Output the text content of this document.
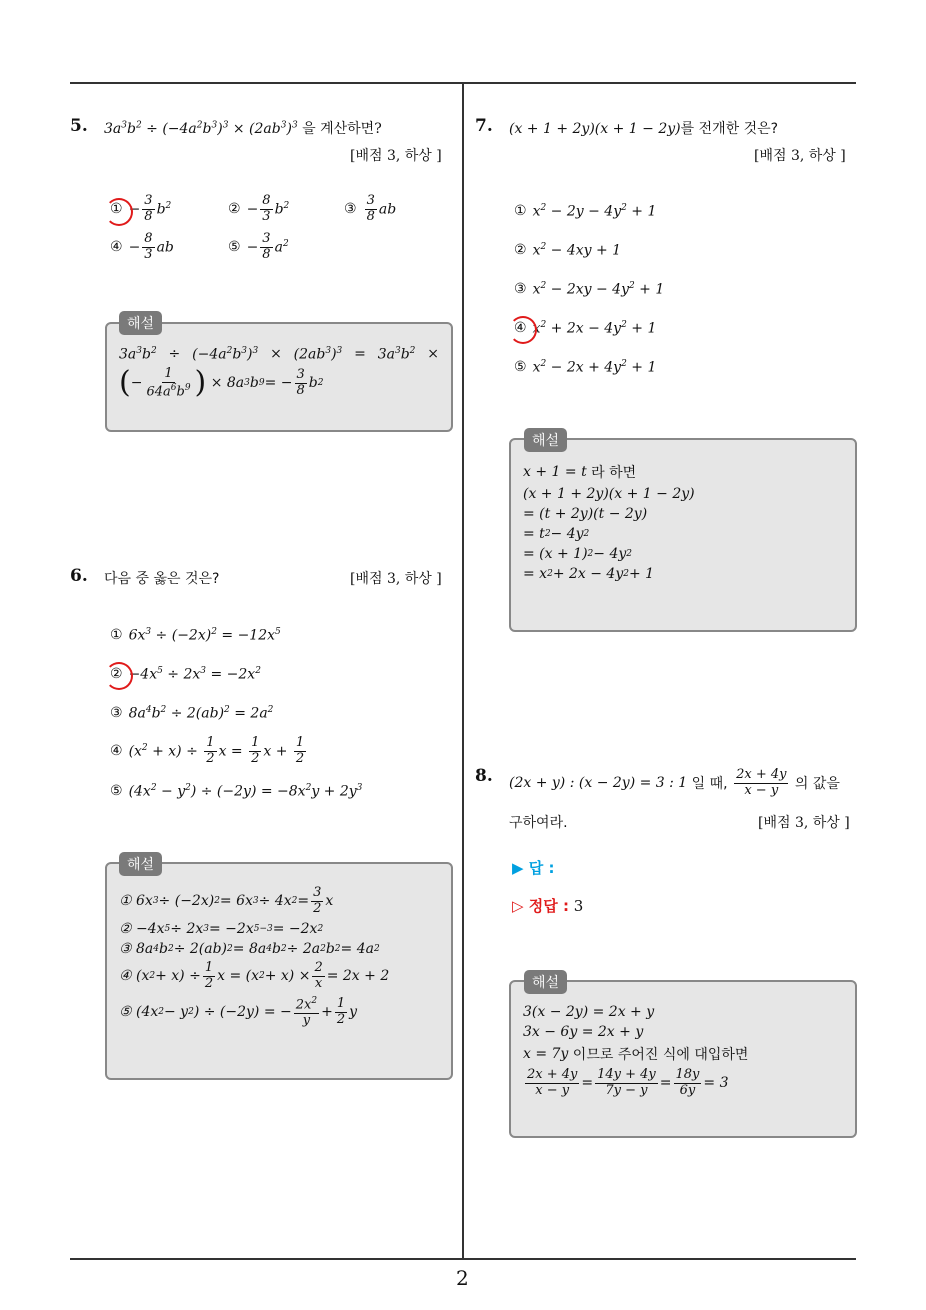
2
5. $3a^3b^2 \div (-4a^2b^3)^3 \times (2ab^3)^3$ 을 계산하면?
[배점 3, 하상 ]
① − $\frac{3}{8} b^2$	② − $\frac{8}{3} b^2$	③ $\frac{3}{8}$ ab
④ − $\frac{8}{3}$ ab	⑤ − $\frac{3}{8} a^2$
$3a^3b^2 \div (-4a^2b^3)^3 \times (2ab^3)^3 = 3a^3b^2$ ×
( − $\frac{1}{64a^6b^9}$ ) × 8a 3 b 9 = − $\frac{3}{8}$ b 2
해설
6. 다음 중 옳은 것은?	[배점 3, 하상 ]
① $6x^3 \div (-2x)^2 = -12x^5$
② $-4x^5 \div 2x^3 = -2x^2$
③ $8a^4b^2 \div 2(ab)^2 = 2a^2$
④ $(x^2 + x) \div \frac{1}{2}$ $x = \frac{1}{2}$ $x + \frac{1}{2}$
⑤ $(4x^2 - y^2) \div (-2y) = -8x^2y + 2y^3$
① 6x 3 ÷ (−2x) 2 = 6x 3 ÷ 4x $2 = \frac{3}{2}$ x
② −4x 5 ÷ 2x 3 = −2x 5−3 = −2x 2
③ 8a 4 b 2 ÷ 2(ab) 2 = 8a 4 b 2 ÷ 2a 2 b 2 = 4a 2
④ (x $2 + x) \div \frac{1}{2}$ x = (x $2 + x) \times \frac{2}{x} = 2x + 2$
⑤ (4x 2 − y 2 ) ÷ (−2y) = − $\frac{2x^2}{y} + \frac{1}{2}$ y
해설
7. (x + 1 + 2y)(x + 1 − 2y)를 전개한 것은?
[배점 3, 하상 ]
① $x^2 - 2y - 4y^2 + 1$
② $x^2 - 4xy + 1$
③ $x^2 - 2xy - 4y^2 + 1$
④ $x^2 + 2x - 4y^2 + 1$
⑤ $x^2 - 2x + 4y^2 + 1$
x + 1 = t
라 하면
(x + 1 + 2y)(x + 1 − 2y)
= (t + 2y)(t − 2y)
= t 2 − 4y 2
= (x + 1) 2 − 4y 2
= x 2 + 2x − 4y 2 + 1
해설
8. (2x + y) : (x − 2y) = 3 : 1
일 때,
$\frac{2x + 4y}{x - y}$
의 값을
구하여라.	[배점 3, 하상 ]
▶ 답 :
▷ 정답 : 3
3(x − 2y) = 2x + y
3x − 6y = 2x + y
x = 7y
이므로 주어진 식에 대입하면
$\frac{2x + 4y}{x - y} = \frac{14y + 4y}{7y - y} = \frac{18y}{6y} = 3$
해설
